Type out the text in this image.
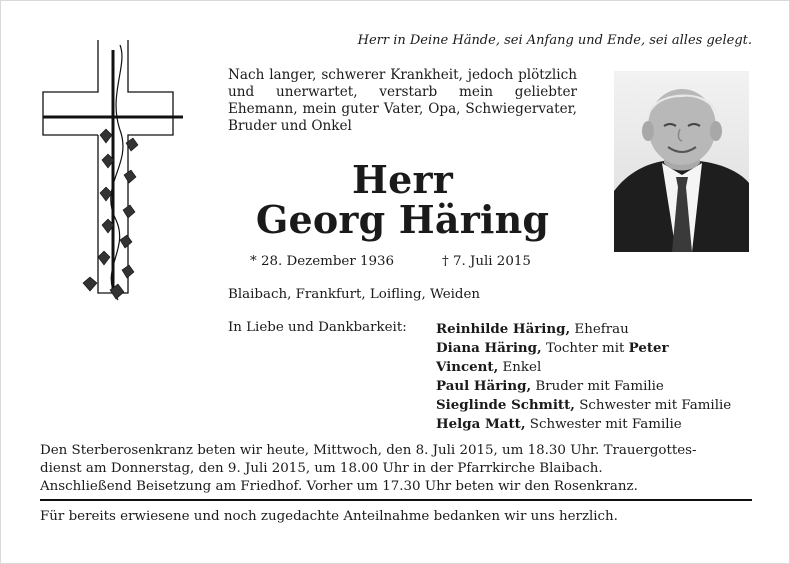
Herr in Deine Hände, sei Anfang und Ende, sei alles gelegt.
Nach langer, schwerer Krankheit, jedoch plötzlich und unerwartet, verstarb mein geliebter Ehemann, mein guter Vater, Opa, Schwiegervater, Bruder und Onkel
Herr
Georg Häring
* 28. Dezember 1936	† 7. Juli 2015
Blaibach, Frankfurt, Loifling, Weiden
In Liebe und Dankbarkeit: Reinhilde Häring, Ehefrau
Diana Häring, Tochter mit Peter
Vincent, Enkel
Paul Häring, Bruder mit Familie
Sieglinde Schmitt, Schwester mit Familie
Helga Matt, Schwester mit Familie
Den Sterberosenkranz beten wir heute, Mittwoch, den 8. Juli 2015, um 18.30 Uhr. Trauergottes-
dienst am Donnerstag, den 9. Juli 2015, um 18.00 Uhr in der Pfarrkirche Blaibach.
Anschließend Beisetzung am Friedhof. Vorher um 17.30 Uhr beten wir den Rosenkranz.
Für bereits erwiesene und noch zugedachte Anteilnahme bedanken wir uns herzlich.
